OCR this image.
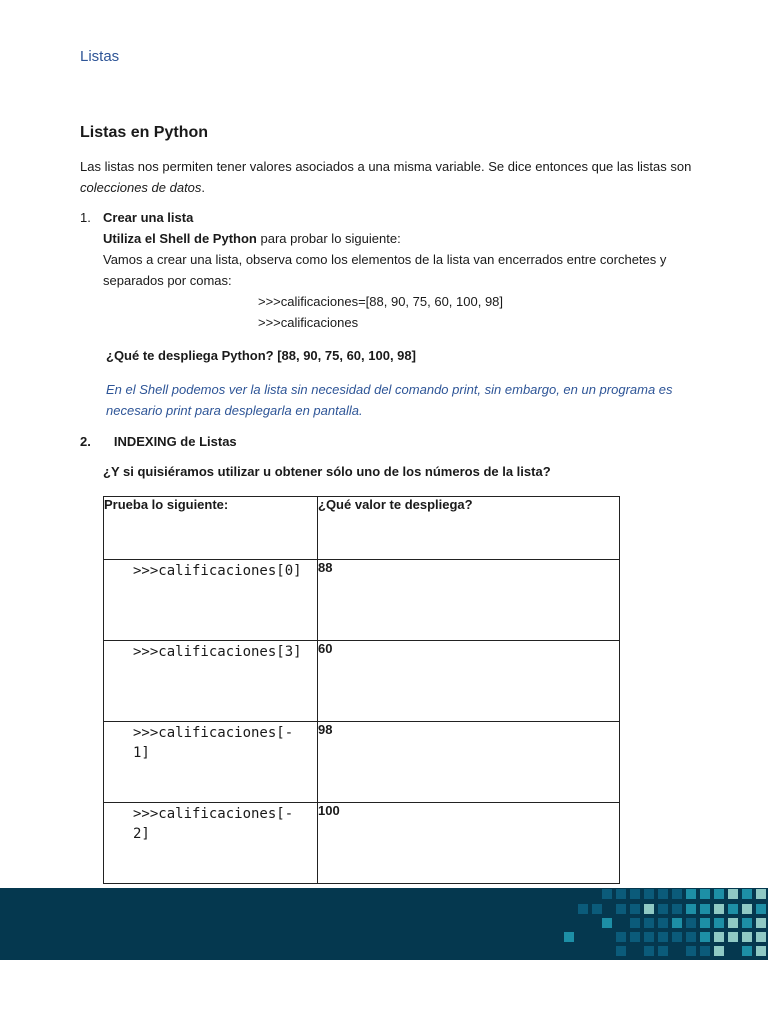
Listas
Listas en Python
Las listas nos permiten tener valores asociados a una misma variable. Se dice entonces que las listas son colecciones de datos.
1. Crear una lista
Utiliza el Shell de Python para probar lo siguiente:
Vamos a crear una lista, observa como los elementos de la lista van encerrados entre corchetes y separados por comas:
>>>calificaciones=[88, 90, 75, 60, 100, 98]
>>>calificaciones
¿Qué te despliega Python? [88, 90, 75, 60, 100, 98]
En el Shell podemos ver la lista sin necesidad del comando print, sin embargo, en un programa es necesario print para desplegarla en pantalla.
2. INDEXING de Listas
¿Y si quisiéramos utilizar u obtener sólo uno de los números de la lista?
Prueba lo siguiente:	¿Qué valor te despliega?

>>>calificaciones[0]	88

>>>calificaciones[3]	60

>>>calificaciones[-1]	98

>>>calificaciones[-2]	100
